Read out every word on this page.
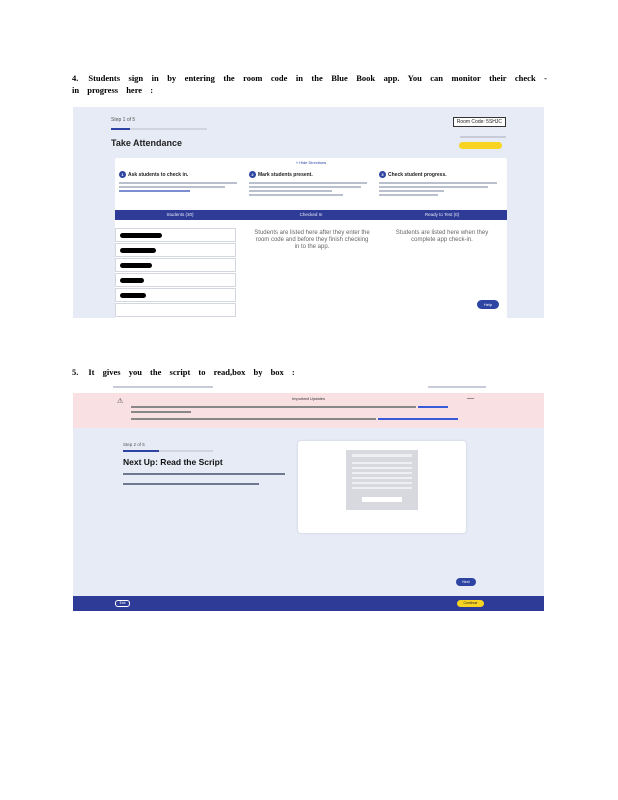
4. Students sign in by entering the room code in the Blue Book app. You can monitor their check -in progress here :
Step 1 of 5
Take Attendance
Room Code: 5SHJC
˄ Hide Directions
1 Ask students to check in.	2 Mark students present.	3 Check student progress.
Students (30)	Checked In	Ready to Test (0)
Students are listed here after they enter the room code and before they finish checking in to the app.
Students are listed here when they complete app check-in.
Help
5. It gives you the script to read,box by box :
⚠	Important Updates	—
Step 2 of 5
Next Up: Read the Script
Next
Exit	Continue
